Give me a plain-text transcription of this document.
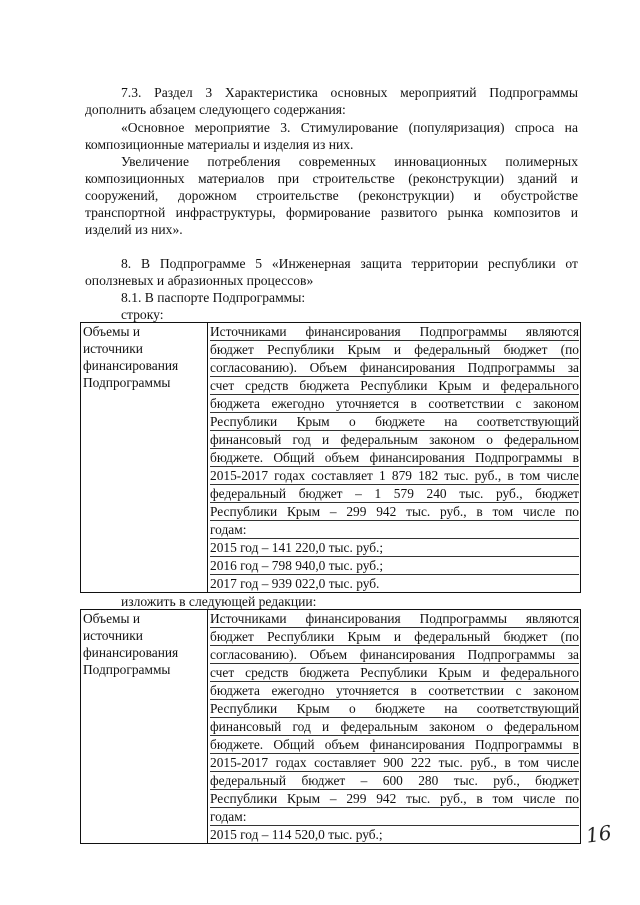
7.3. Раздел 3 Характеристика основных мероприятий Подпрограммы дополнить абзацем следующего содержания:

«Основное мероприятие 3. Стимулирование (популяризация) спроса на композиционные материалы и изделия из них.

Увеличение потребления современных инновационных полимерных композиционных материалов при строительстве (реконструкции) зданий и сооружений, дорожном строительстве (реконструкции) и обустройстве транспортной инфраструктуры, формирование развитого рынка композитов и изделий из них».

8. В Подпрограмме 5 «Инженерная защита территории республики от оползневых и абразионных процессов»

8.1. В паспорте Подпрограммы:

строку:

Объемы и
источники
финансирования
Подпрограммы

Источниками финансирования Подпрограммы являются
бюджет Республики Крым и федеральный бюджет (по
согласованию). Объем финансирования Подпрограммы за
счет средств бюджета Республики Крым и федерального
бюджета ежегодно уточняется в соответствии с законом
Республики Крым о бюджете на соответствующий
финансовый год и федеральным законом о федеральном
бюджете. Общий объем финансирования Подпрограммы в
2015-2017 годах составляет 1 879 182 тыс. руб., в том числе
федеральный бюджет – 1 579 240 тыс. руб., бюджет
Республики Крым – 299 942 тыс. руб., в том числе по
годам:
2015 год – 141 220,0 тыс. руб.;
2016 год – 798 940,0 тыс. руб.;
2017 год – 939 022,0 тыс. руб.

изложить в следующей редакции:

Объемы и
источники
финансирования
Подпрограммы

Источниками финансирования Подпрограммы являются
бюджет Республики Крым и федеральный бюджет (по
согласованию). Объем финансирования Подпрограммы за
счет средств бюджета Республики Крым и федерального
бюджета ежегодно уточняется в соответствии с законом
Республики Крым о бюджете на соответствующий
финансовый год и федеральным законом о федеральном
бюджете. Общий объем финансирования Подпрограммы в
2015-2017 годах составляет 900 222 тыс. руб., в том числе
федеральный бюджет – 600 280 тыс. руб., бюджет
Республики Крым – 299 942 тыс. руб., в том числе по
годам:
2015 год – 114 520,0 тыс. руб.;	16
